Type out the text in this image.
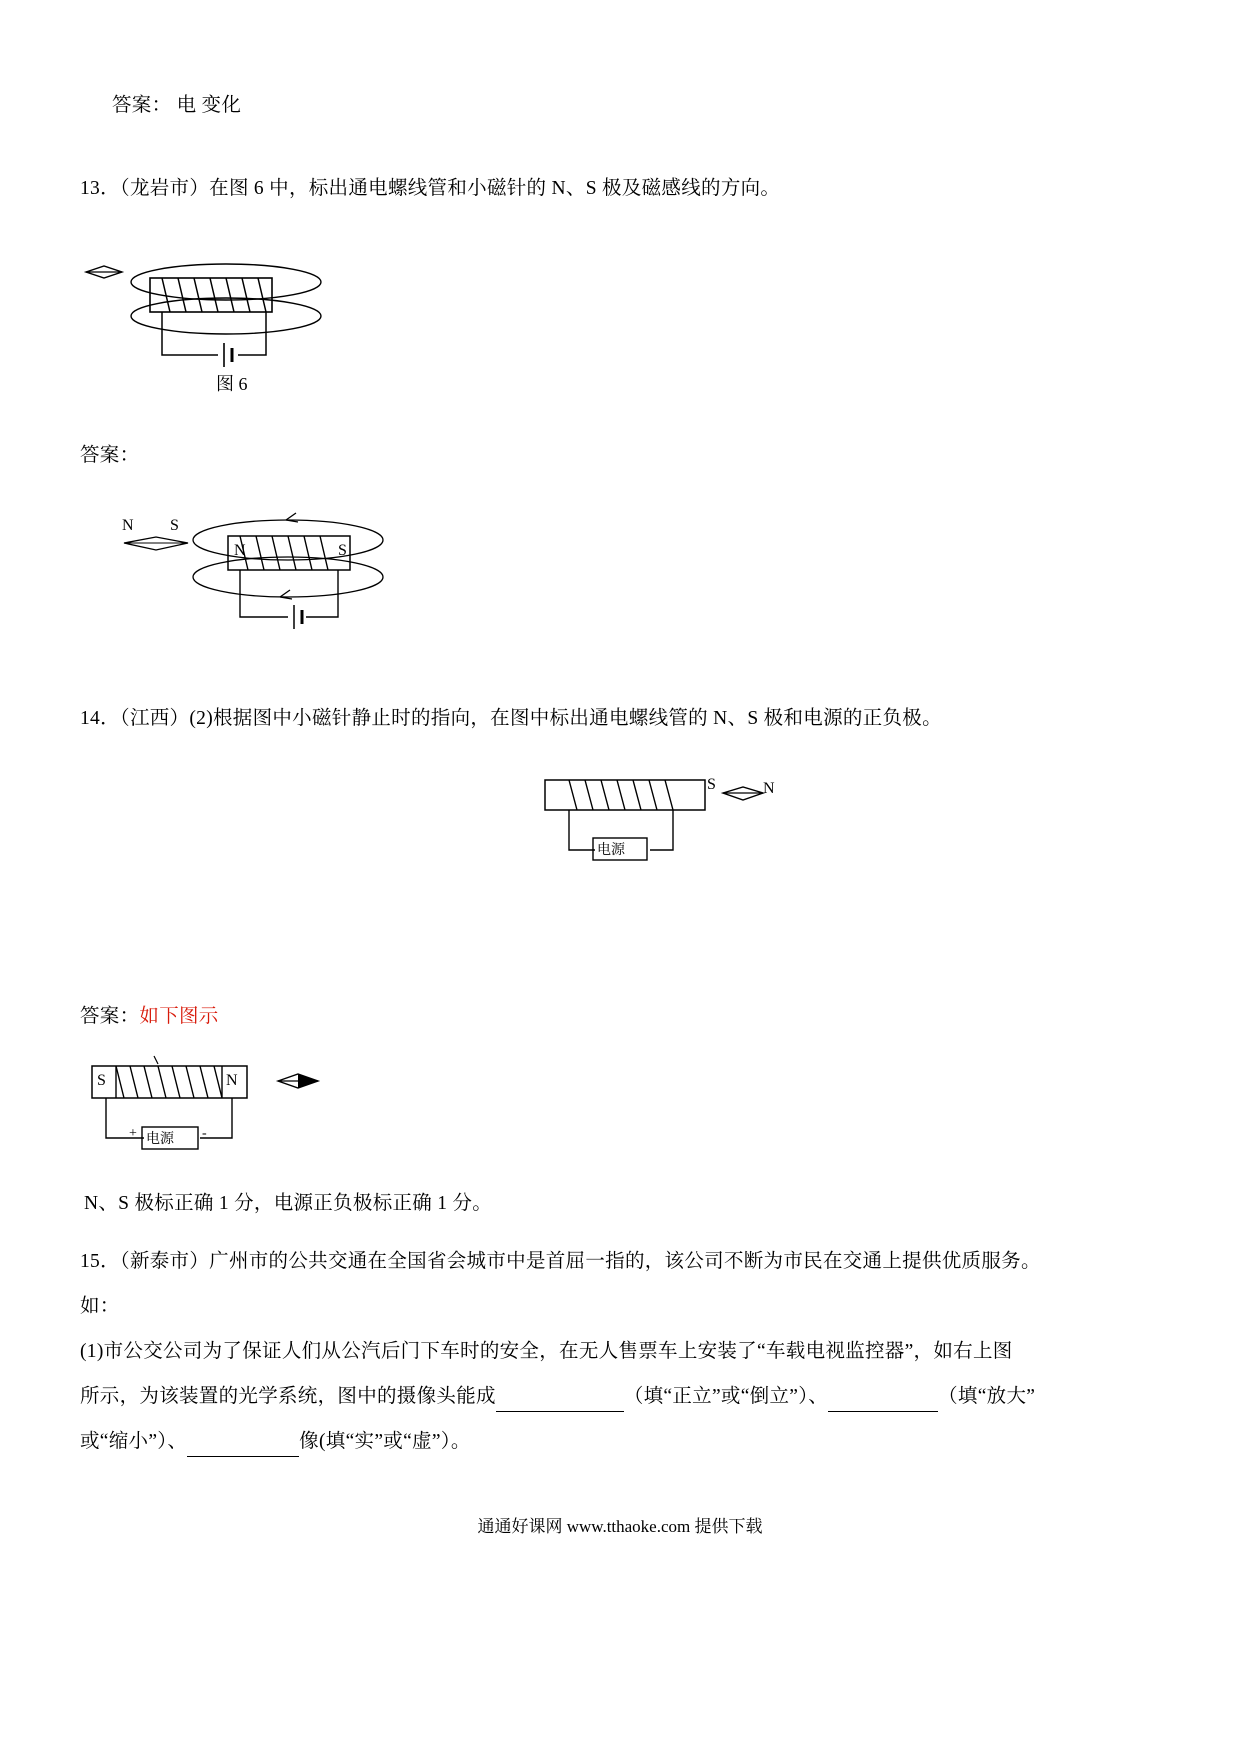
答案： 电 变化
13．（龙岩市）在图 6 中，标出通电螺线管和小磁针的 N、S 极及磁感线的方向。
图 6
答案：
N S
N	S
14．（江西）(2)根据图中小磁针静止时的指向，在图中标出通电螺线管的 N、S 极和电源的正负极。
S	N
电源
答案：如下图示
S	N
+ 电源 -
N、S 极标正确 1 分，电源正负极标正确 1 分。
15．（新泰市）广州市的公共交通在全国省会城市中是首屈一指的，该公司不断为市民在交通上提供优质服务。
如：
(1)市公交公司为了保证人们从公汽后门下车时的安全，在无人售票车上安装了“车载电视监控器”，如右上图
所示，为该装置的光学系统，图中的摄像头能成	（填“正立”或“倒立”）、	（填“放大”
或“缩小”）、	像(填“实”或“虚”）。
通通好课网 www.tthaoke.com 提供下载
